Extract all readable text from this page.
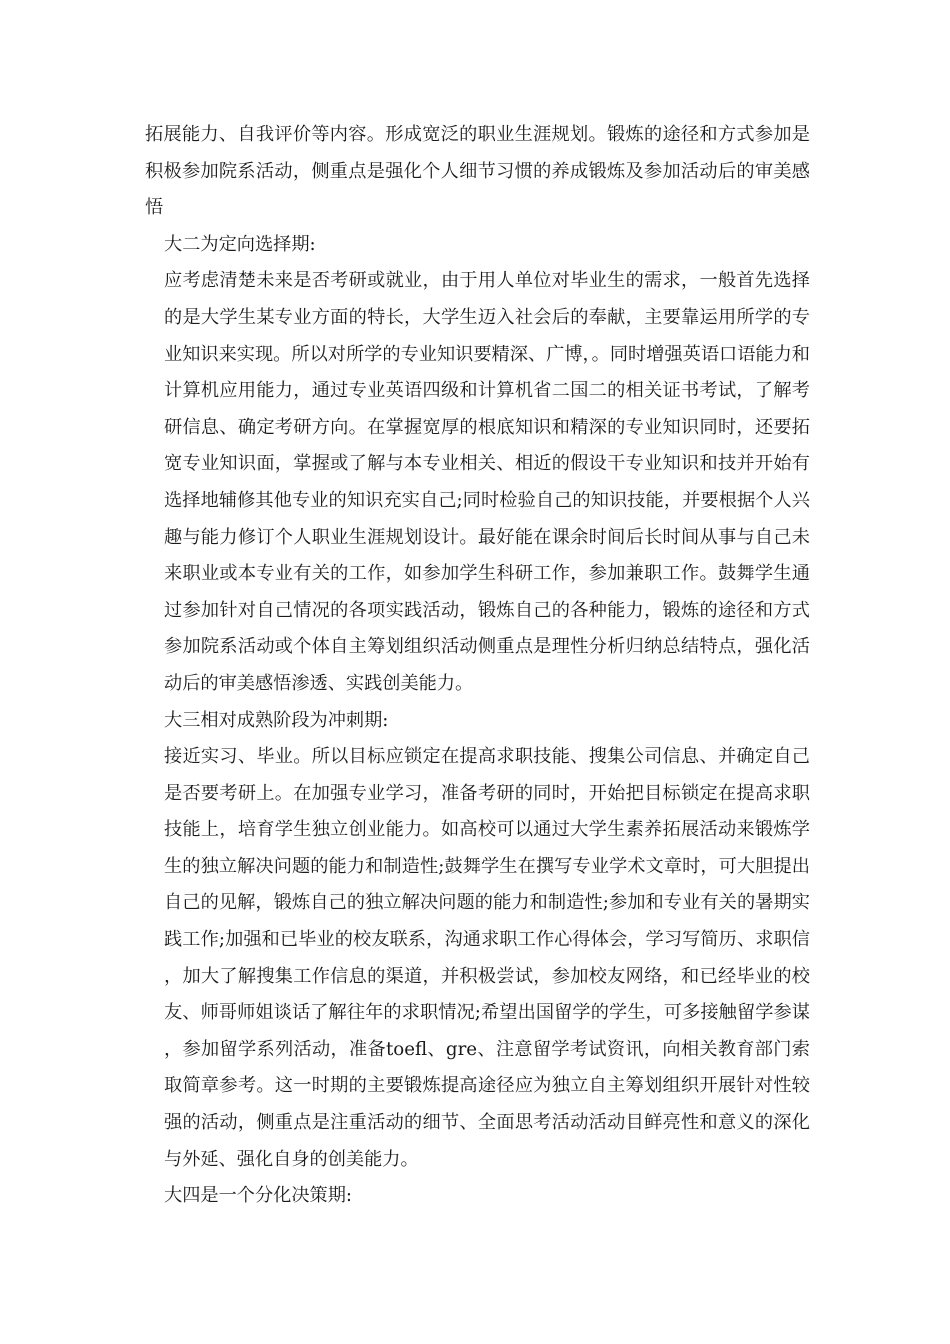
拓展能力、自我评价等内容。形成宽泛的职业生涯规划。锻炼的途径和方式参加是积极参加院系活动，侧重点是强化个人细节习惯的养成锻炼及参加活动后的审美感悟

大二为定向选择期:

应考虑清楚未来是否考研或就业，由于用人单位对毕业生的需求，一般首先选择的是大学生某专业方面的特长，大学生迈入社会后的奉献，主要靠运用所学的专业知识来实现。所以对所学的专业知识要精深、广博，。同时增强英语口语能力和计算机应用能力，通过专业英语四级和计算机省二国二的相关证书考试，了解考研信息、确定考研方向。在掌握宽厚的根底知识和精深的专业知识同时，还要拓宽专业知识面，掌握或了解与本专业相关、相近的假设干专业知识和技并开始有选择地辅修其他专业的知识充实自己;同时检验自己的知识技能，并要根据个人兴趣与能力修订个人职业生涯规划设计。最好能在课余时间后长时间从事与自己未来职业或本专业有关的工作，如参加学生科研工作，参加兼职工作。鼓舞学生通过参加针对自己情况的各项实践活动，锻炼自己的各种能力，锻炼的途径和方式参加院系活动或个体自主筹划组织活动侧重点是理性分析归纳总结特点，强化活动后的审美感悟渗透、实践创美能力。

大三相对成熟阶段为冲刺期:

接近实习、毕业。所以目标应锁定在提高求职技能、搜集公司信息、并确定自己是否要考研上。在加强专业学习，准备考研的同时，开始把目标锁定在提高求职技能上，培育学生独立创业能力。如高校可以通过大学生素养拓展活动来锻炼学生的独立解决问题的能力和制造性;鼓舞学生在撰写专业学术文章时，可大胆提出自己的见解，锻炼自己的独立解决问题的能力和制造性;参加和专业有关的暑期实践工作;加强和已毕业的校友联系，沟通求职工作心得体会，学习写简历、求职信，加大了解搜集工作信息的渠道，并积极尝试，参加校友网络，和已经毕业的校友、师哥师姐谈话了解往年的求职情况;希望出国留学的学生，可多接触留学参谋，参加留学系列活动，准备toefl、gre、注意留学考试资讯，向相关教育部门索取简章参考。这一时期的主要锻炼提高途径应为独立自主筹划组织开展针对性较强的活动，侧重点是注重活动的细节、全面思考活动活动目鲜亮性和意义的深化与外延、强化自身的创美能力。

大四是一个分化决策期:
